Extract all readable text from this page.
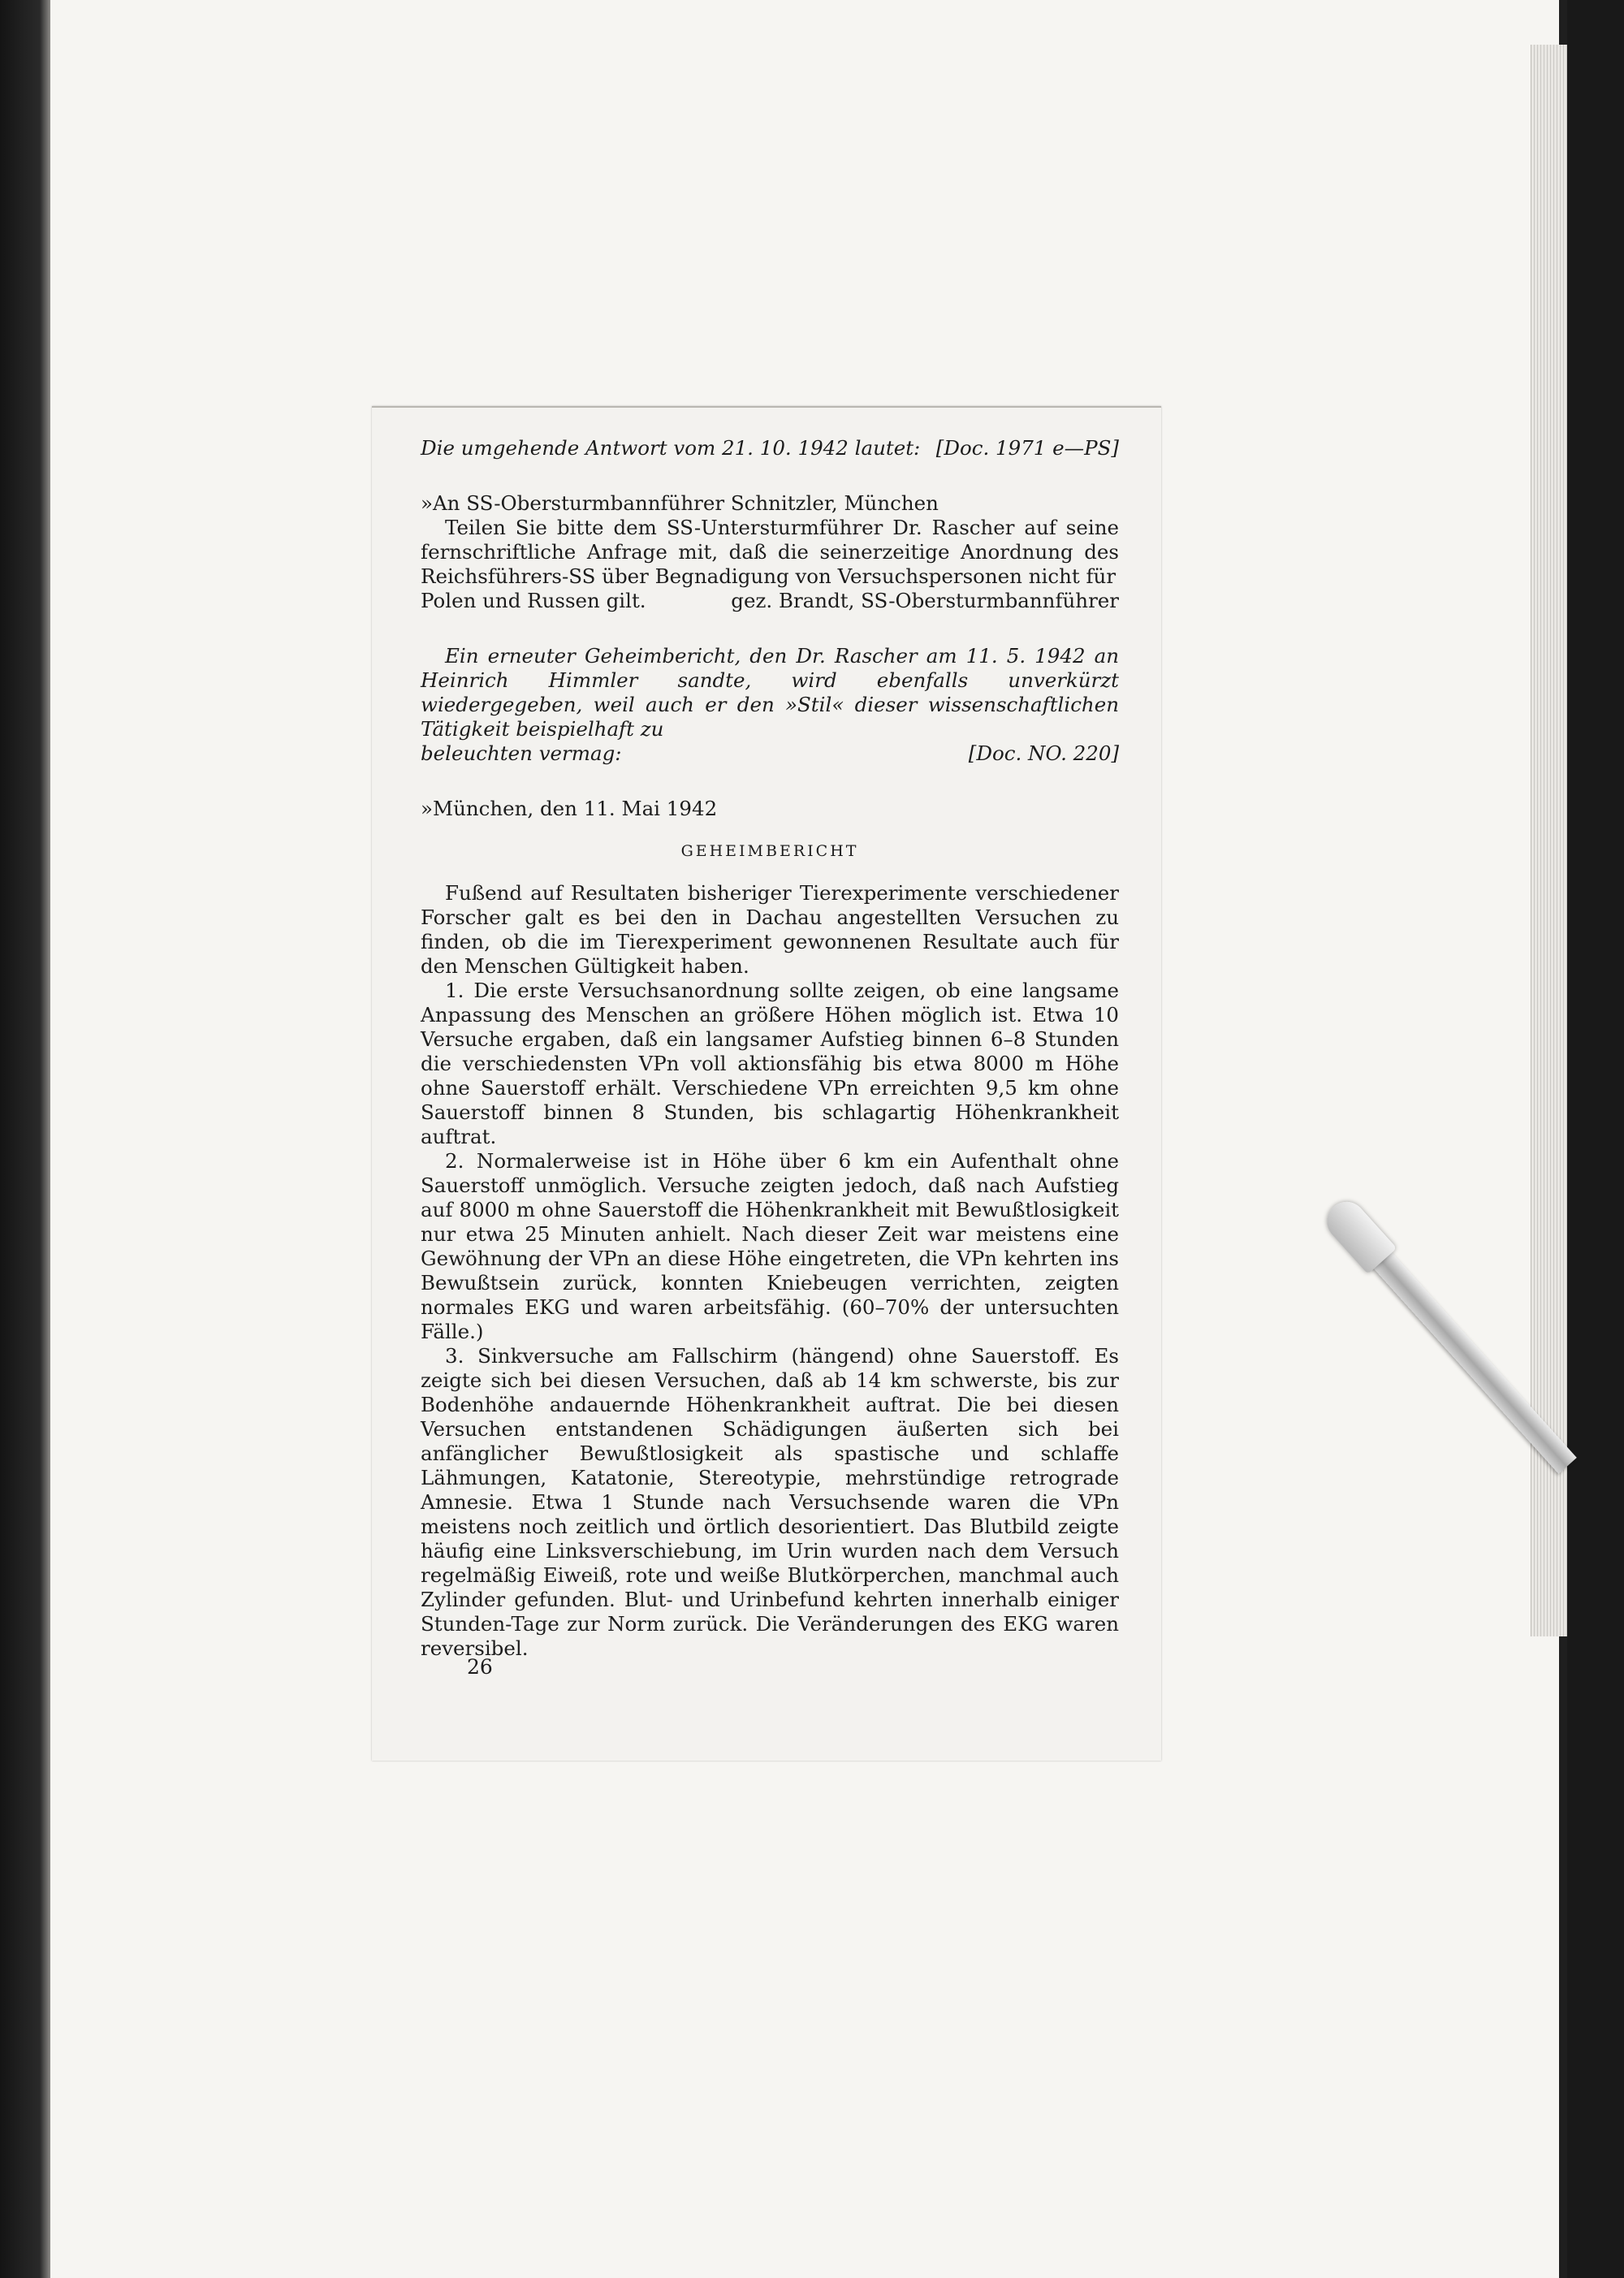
Die umgehende Antwort vom 21. 10. 1942 lautet: [Doc. 1971 e—PS]

»An SS-Obersturmbannführer Schnitzler, München

Teilen Sie bitte dem SS-Untersturmführer Dr. Rascher auf seine fernschriftliche Anfrage mit, daß die seinerzeitige Anordnung des Reichsführers-SS über Begnadigung von Versuchspersonen nicht für

Polen und Russen gilt.	gez. Brandt, SS-Obersturmbannführer

Ein erneuter Geheimbericht, den Dr. Rascher am 11. 5. 1942 an Heinrich Himmler sandte, wird ebenfalls unverkürzt wiedergegeben, weil auch er den »Stil« dieser wissenschaftlichen Tätigkeit beispielhaft zu

beleuchten vermag:	[Doc. NO. 220]

»München, den 11. Mai 1942

GEHEIMBERICHT

Fußend auf Resultaten bisheriger Tierexperimente verschiedener Forscher galt es bei den in Dachau angestellten Versuchen zu finden, ob die im Tierexperiment gewonnenen Resultate auch für den Menschen Gültigkeit haben.

1. Die erste Versuchsanordnung sollte zeigen, ob eine langsame Anpassung des Menschen an größere Höhen möglich ist. Etwa 10 Versuche ergaben, daß ein langsamer Aufstieg binnen 6–8 Stunden die verschiedensten VPn voll aktionsfähig bis etwa 8000 m Höhe ohne Sauerstoff erhält. Verschiedene VPn erreichten 9,5 km ohne Sauerstoff binnen 8 Stunden, bis schlagartig Höhenkrankheit auftrat.

2. Normalerweise ist in Höhe über 6 km ein Aufenthalt ohne Sauerstoff unmöglich. Versuche zeigten jedoch, daß nach Aufstieg auf 8000 m ohne Sauerstoff die Höhenkrankheit mit Bewußtlosigkeit nur etwa 25 Minuten anhielt. Nach dieser Zeit war meistens eine Gewöhnung der VPn an diese Höhe eingetreten, die VPn kehrten ins Bewußtsein zurück, konnten Kniebeugen verrichten, zeigten normales EKG und waren arbeitsfähig. (60–70% der untersuchten Fälle.)

3. Sinkversuche am Fallschirm (hängend) ohne Sauerstoff. Es zeigte sich bei diesen Versuchen, daß ab 14 km schwerste, bis zur Bodenhöhe andauernde Höhenkrankheit auftrat. Die bei diesen Versuchen entstandenen Schädigungen äußerten sich bei anfänglicher Bewußtlosigkeit als spastische und schlaffe Lähmungen, Katatonie, Stereotypie, mehrstündige retrograde Amnesie. Etwa 1 Stunde nach Versuchsende waren die VPn meistens noch zeitlich und örtlich desorientiert. Das Blutbild zeigte häufig eine Linksverschiebung, im Urin wurden nach dem Versuch regelmäßig Eiweiß, rote und weiße Blutkörperchen, manchmal auch Zylinder gefunden. Blut- und Urinbefund kehrten innerhalb einiger Stunden-Tage zur Norm zurück. Die Veränderungen des EKG waren reversibel.

26
